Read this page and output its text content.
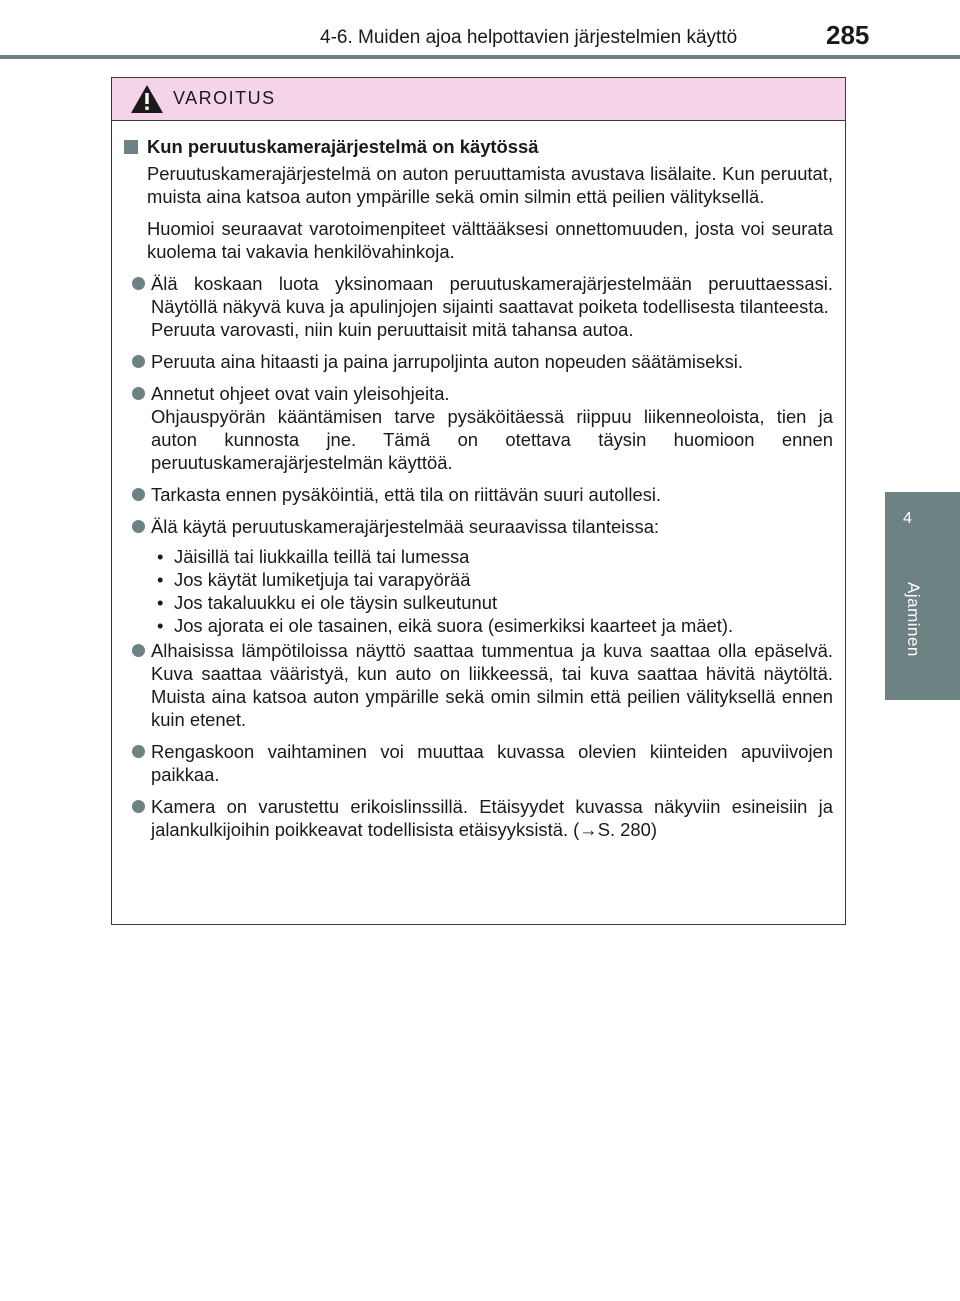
4-6. Muiden ajoa helpottavien järjestelmien käyttö	285
4
Ajaminen
VAROITUS
Kun peruutuskamerajärjestelmä on käytössä

Peruutuskamerajärjestelmä on auton peruuttamista avustava lisälaite. Kun peruutat, muista aina katsoa auton ympärille sekä omin silmin että peilien välityksellä.

Huomioi seuraavat varotoimenpiteet välttääksesi onnettomuuden, josta voi seurata kuolema tai vakavia henkilövahinkoja.

Älä koskaan luota yksinomaan peruutuskamerajärjestelmään peruuttaessasi. Näytöllä näkyvä kuva ja apulinjojen sijainti saattavat poiketa todellisesta tilanteesta.
Peruuta varovasti, niin kuin peruuttaisit mitä tahansa autoa.
Peruuta aina hitaasti ja paina jarrupoljinta auton nopeuden säätämiseksi.
Annetut ohjeet ovat vain yleisohjeita.
Ohjauspyörän kääntämisen tarve pysäköitäessä riippuu liikenneoloista, tien ja auton kunnosta jne. Tämä on otettava täysin huomioon ennen peruutuskamerajärjestelmän käyttöä.
Tarkasta ennen pysäköintiä, että tila on riittävän suuri autollesi.
Älä käytä peruutuskamerajärjestelmää seuraavissa tilanteissa:
• Jäisillä tai liukkailla teillä tai lumessa
• Jos käytät lumiketjuja tai varapyörää
• Jos takaluukku ei ole täysin sulkeutunut
• Jos ajorata ei ole tasainen, eikä suora (esimerkiksi kaarteet ja mäet).
Alhaisissa lämpötiloissa näyttö saattaa tummentua ja kuva saattaa olla epäselvä. Kuva saattaa vääristyä, kun auto on liikkeessä, tai kuva saattaa hävitä näytöltä. Muista aina katsoa auton ympärille sekä omin silmin että peilien välityksellä ennen kuin etenet.
Rengaskoon vaihtaminen voi muuttaa kuvassa olevien kiinteiden apuviivojen paikkaa.
Kamera on varustettu erikoislinssillä. Etäisyydet kuvassa näkyviin esineisiin ja jalankulkijoihin poikkeavat todellisista etäisyyksistä. (→S. 280)
